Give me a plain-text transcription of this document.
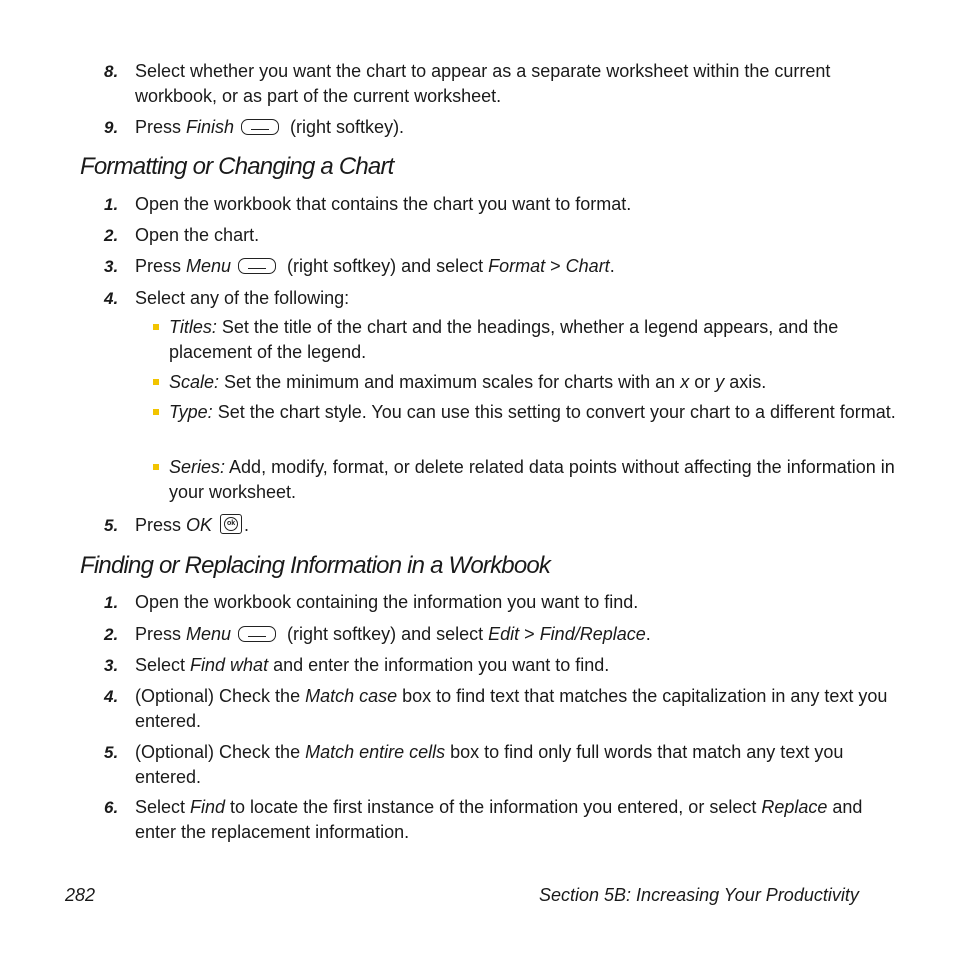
8. Select whether you want the chart to appear as a separate worksheet within the current workbook, or as part of the current worksheet.
9. Press Finish	(right softkey).
Formatting or Changing a Chart
1. Open the workbook that contains the chart you want to format.
2. Open the chart.
3. Press Menu	(right softkey) and select Format > Chart.
4. Select any of the following:
Titles: Set the title of the chart and the headings, whether a legend appears, and the placement of the legend.
Scale: Set the minimum and maximum scales for charts with an x or y axis.
Type: Set the chart style. You can use this setting to convert your chart to a different format.
Series: Add, modify, format, or delete related data points without affecting the information in your worksheet.
5. Press OK	ok .
Finding or Replacing Information in a Workbook
1. Open the workbook containing the information you want to find.
2. Press Menu	(right softkey) and select Edit > Find/Replace.
3. Select Find what and enter the information you want to find.
4. (Optional) Check the Match case box to find text that matches the capitalization in any text you entered.
5. (Optional) Check the Match entire cells box to find only full words that match any text you entered.
6. Select Find to locate the first instance of the information you entered, or select Replace and enter the replacement information.
282	Section 5B: Increasing Your Productivity
